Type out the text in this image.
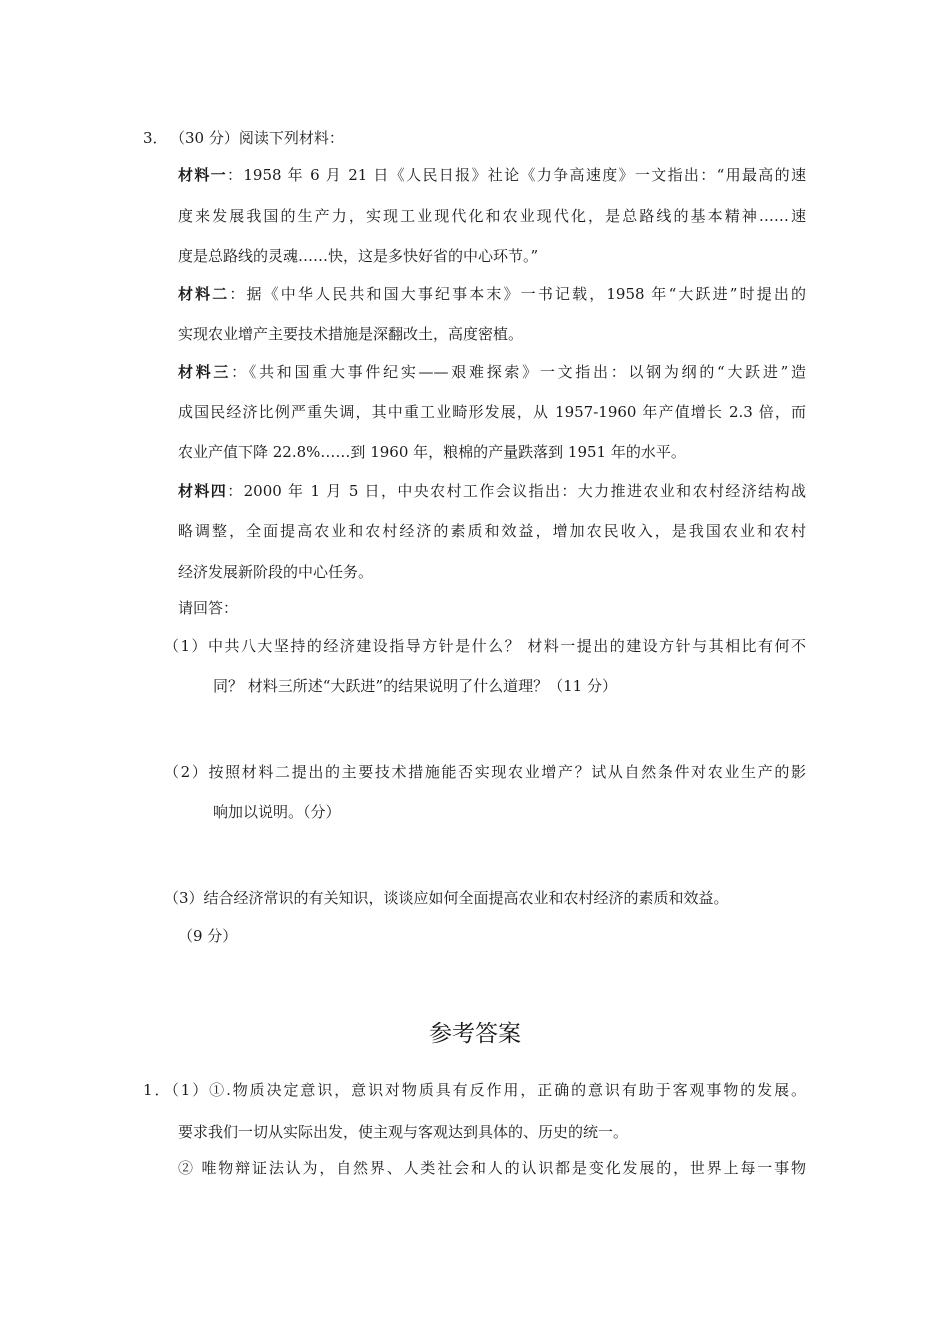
3． （30 分）阅读下列材料：
材料一：1958 年 6 月 21 日《人民日报》社论《力争高速度》一文指出：“用最高的速
度来发展我国的生产力，实现工业现代化和农业现代化，是总路线的基本精神……速
度是总路线的灵魂……快，这是多快好省的中心环节。”
材料二：据《中华人民共和国大事纪事本末》一书记载，1958 年“大跃进”时提出的
实现农业增产主要技术措施是深翻改土，高度密植。
材料三：《共和国重大事件纪实——艰难探索》一文指出：以钢为纲的“大跃进”造
成国民经济比例严重失调，其中重工业畸形发展，从 1957-1960 年产值增长 2.3 倍，而
农业产值下降 22.8%……到 1960 年，粮棉的产量跌落到 1951 年的水平。
材料四：2000 年 1 月 5 日，中央农村工作会议指出：大力推进农业和农村经济结构战
略调整，全面提高农业和农村经济的素质和效益，增加农民收入，是我国农业和农村
经济发展新阶段的中心任务。
请回答：
（1）中共八大坚持的经济建设指导方针是什么？ 材料一提出的建设方针与其相比有何不
同？ 材料三所述“大跃进”的结果说明了什么道理？（11 分）
（2）按照材料二提出的主要技术措施能否实现农业增产？试从自然条件对农业生产的影
响加以说明。（分）
（3）结合经济常识的有关知识，谈谈应如何全面提高农业和农村经济的素质和效益。
（9 分）
参考答案
1．（1）①.物质决定意识，意识对物质具有反作用，正确的意识有助于客观事物的发展。
要求我们一切从实际出发，使主观与客观达到具体的、历史的统一。
② 唯物辩证法认为，自然界、人类社会和人的认识都是变化发展的，世界上每一事物
